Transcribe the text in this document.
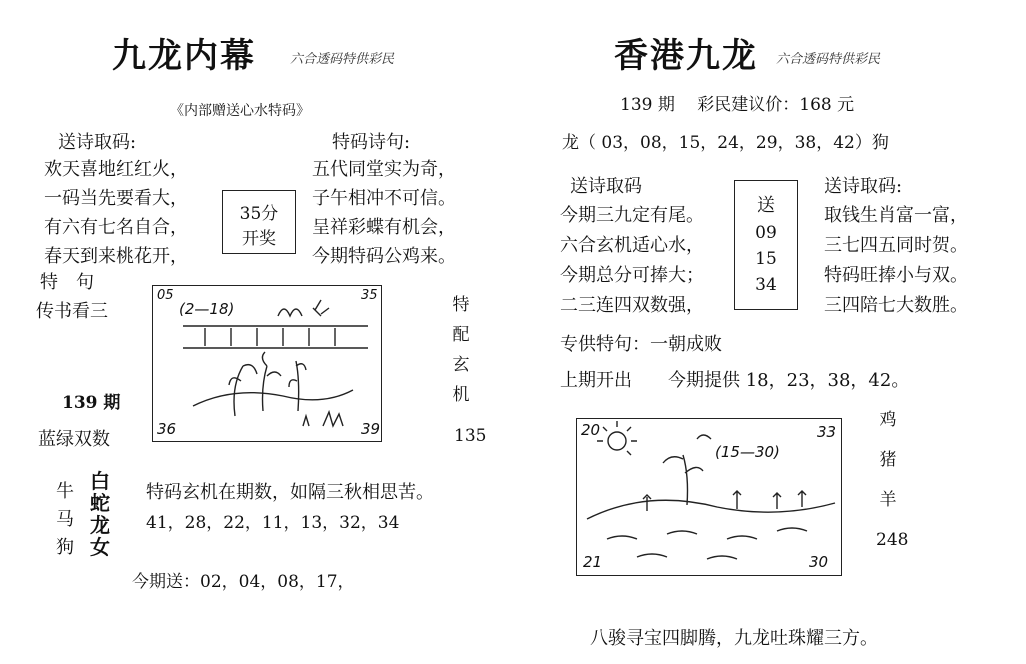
九龙内幕	六合透码特供彩民
《内部赠送心水特码》
送诗取码:	特码诗句:
欢天喜地红红火，
一码当先要看大，
有六有七名自合，
春天到来桃花开，
五代同堂实为奇，
子午相冲不可信。
呈祥彩蝶有机会，
今期特码公鸡来。
35分
开奖
特　句
传书看三
139 期
蓝绿双数
05	35
(2—18)
36	39
特
配
玄
机
135
牛
马
狗
白
蛇
龙
女
特码玄机在期数，如隔三秋相思苦。
41，28，22，11，13，32，34
今期送：02，04，08，17，
香港九龙 六合透码特供彩民
139 期　 彩民建议价：168 元
龙（ 03，08，15，24，29，38，42）狗
送诗取码	送诗取码:
今期三九定有尾。
六合玄机适心水，
今期总分可捧大；
二三连四双数强，
取钱生肖富一富，
三七四五同时贺。
特码旺捧小与双。
三四陪七大数胜。
送
09
15
34
专供特句：一朝成败
上期开出　　今期提供 18，23，38，42。
20	33
(15—30)
21	30
鸡
猪
羊
248
八骏寻宝四脚腾，九龙吐珠耀三方。
